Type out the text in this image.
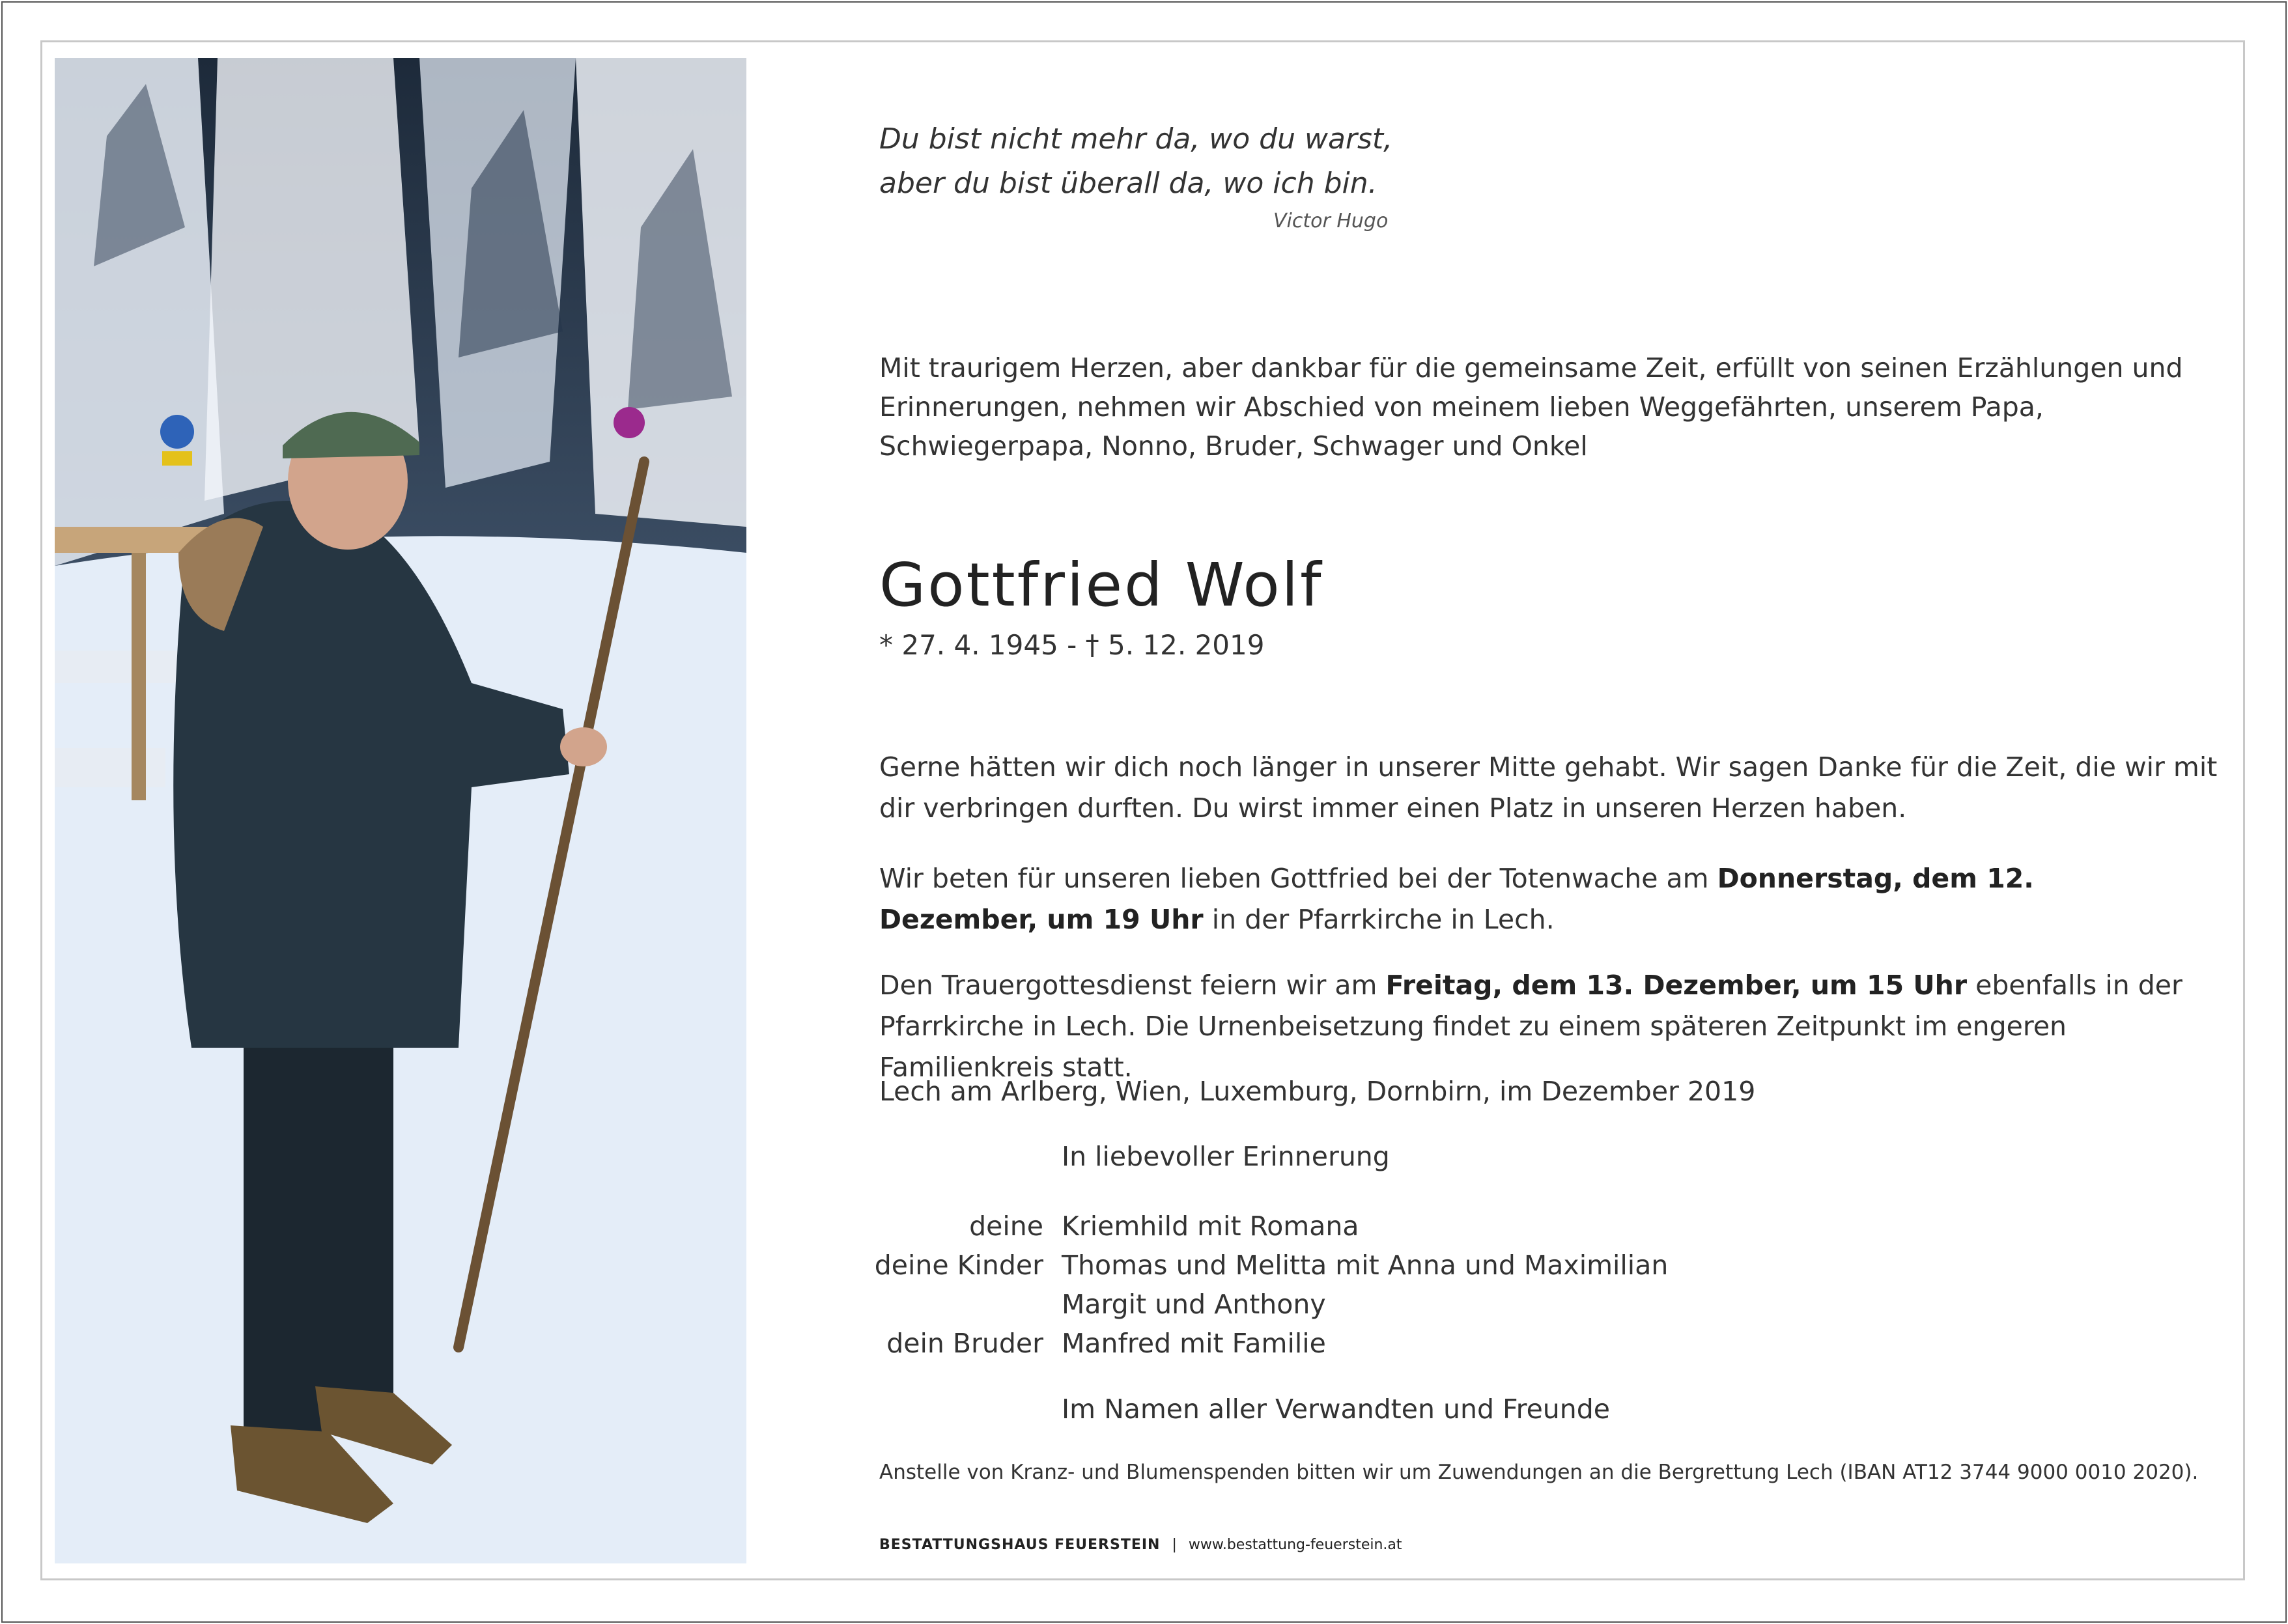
Du bist nicht mehr da, wo du warst,

aber du bist überall da, wo ich bin.

Victor Hugo

Mit traurigem Herzen, aber dankbar für die gemeinsame Zeit, erfüllt von seinen Erzählungen und Erinnerungen, nehmen wir Abschied von meinem lieben Weggefährten, unserem Papa, Schwiegerpapa, Nonno, Bruder, Schwager und Onkel

Gottfried Wolf
* 27. 4. 1945 - † 5. 12. 2019

Gerne hätten wir dich noch länger in unserer Mitte gehabt. Wir sagen Danke für die Zeit, die wir mit dir verbringen durften. Du wirst immer einen Platz in unseren Herzen haben.

Wir beten für unseren lieben Gottfried bei der Totenwache am Donnerstag, dem 12. Dezember, um 19 Uhr in der Pfarrkirche in Lech.

Den Trauergottesdienst feiern wir am Freitag, dem 13. Dezember, um 15 Uhr ebenfalls in der Pfarrkirche in Lech. Die Urnenbeisetzung findet zu einem späteren Zeitpunkt im engeren Familienkreis statt.

Lech am Arlberg, Wien, Luxemburg, Dornbirn, im Dezember 2019

In liebevoller Erinnerung
deine Kriemhild mit Romana
deine Kinder Thomas und Melitta mit Anna und Maximilian
Margit und Anthony
dein Bruder Manfred mit Familie
Im Namen aller Verwandten und Freunde
Anstelle von Kranz- und Blumenspenden bitten wir um Zuwendungen an die Bergrettung Lech (IBAN AT12 3744 9000 0010 2020).
BESTATTUNGSHAUS FEUERSTEIN | www.bestattung-feuerstein.at
